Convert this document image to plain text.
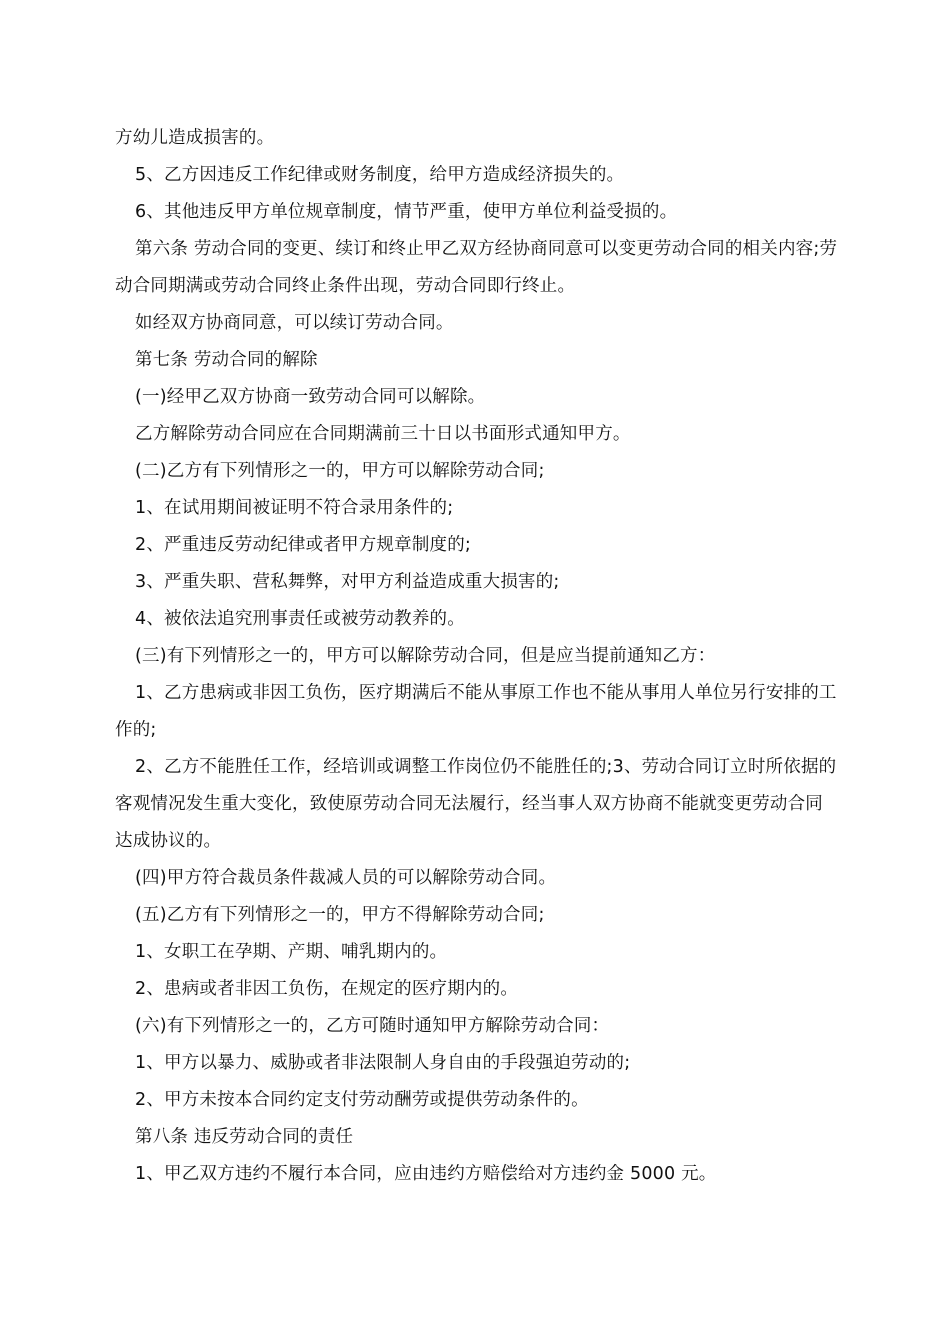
方幼儿造成损害的。

5、乙方因违反工作纪律或财务制度，给甲方造成经济损失的。

6、其他违反甲方单位规章制度，情节严重，使甲方单位利益受损的。

第六条 劳动合同的变更、续订和终止甲乙双方经协商同意可以变更劳动合同的相关内容;劳动合同期满或劳动合同终止条件出现，劳动合同即行终止。

如经双方协商同意，可以续订劳动合同。

第七条 劳动合同的解除

(一)经甲乙双方协商一致劳动合同可以解除。

乙方解除劳动合同应在合同期满前三十日以书面形式通知甲方。

(二)乙方有下列情形之一的，甲方可以解除劳动合同;

1、在试用期间被证明不符合录用条件的;

2、严重违反劳动纪律或者甲方规章制度的;

3、严重失职、营私舞弊，对甲方利益造成重大损害的;

4、被依法追究刑事责任或被劳动教养的。

(三)有下列情形之一的，甲方可以解除劳动合同，但是应当提前通知乙方：

1、乙方患病或非因工负伤，医疗期满后不能从事原工作也不能从事用人单位另行安排的工作的;

2、乙方不能胜任工作，经培训或调整工作岗位仍不能胜任的;3、劳动合同订立时所依据的客观情况发生重大变化，致使原劳动合同无法履行，经当事人双方协商不能就变更劳动合同达成协议的。

(四)甲方符合裁员条件裁减人员的可以解除劳动合同。

(五)乙方有下列情形之一的，甲方不得解除劳动合同;

1、女职工在孕期、产期、哺乳期内的。

2、患病或者非因工负伤，在规定的医疗期内的。

(六)有下列情形之一的，乙方可随时通知甲方解除劳动合同：

1、甲方以暴力、威胁或者非法限制人身自由的手段强迫劳动的;

2、甲方未按本合同约定支付劳动酬劳或提供劳动条件的。

第八条 违反劳动合同的责任

1、甲乙双方违约不履行本合同，应由违约方赔偿给对方违约金 5000 元。
